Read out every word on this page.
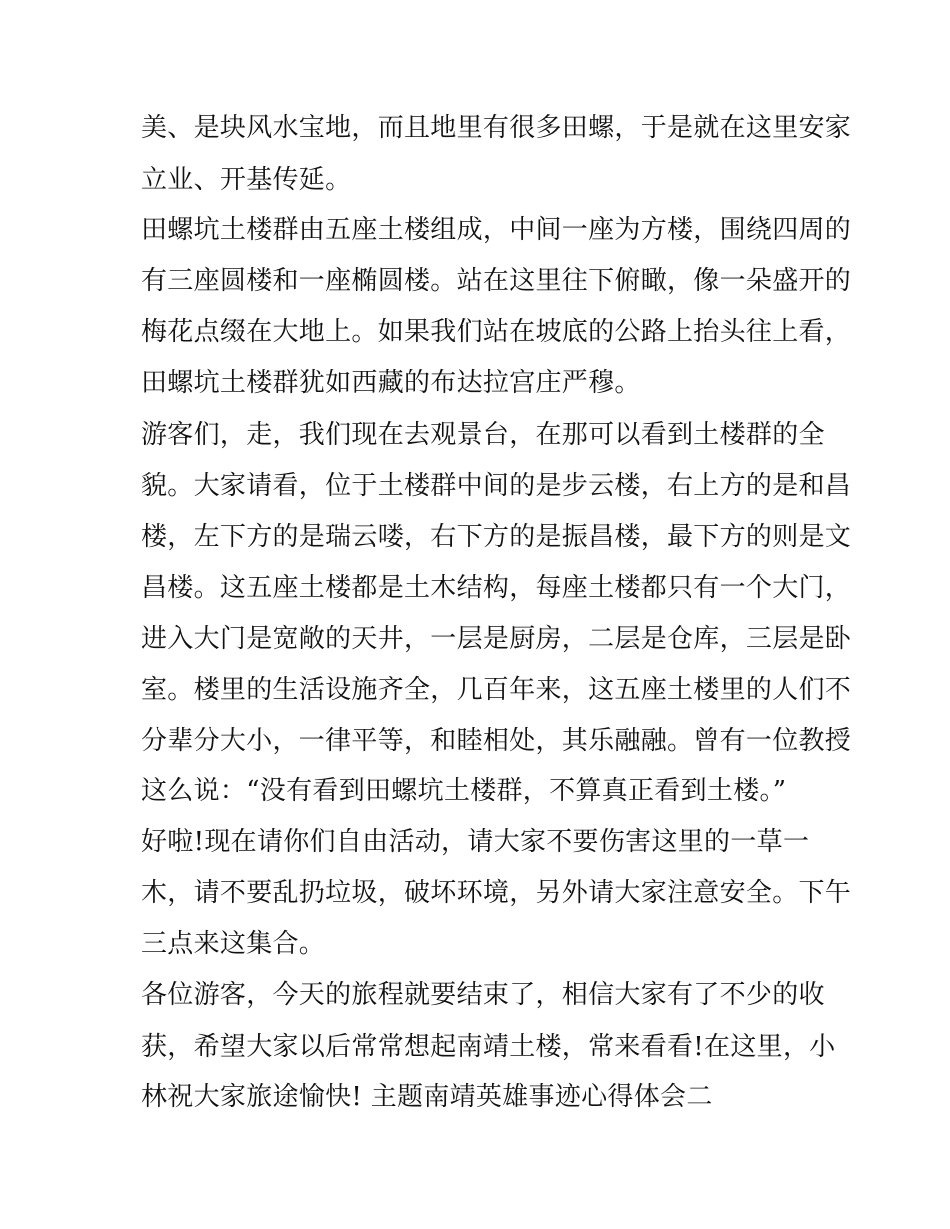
美、是块风水宝地，而且地里有很多田螺，于是就在这里安家
立业、开基传延。
田螺坑土楼群由五座土楼组成，中间一座为方楼，围绕四周的
有三座圆楼和一座椭圆楼。站在这里往下俯瞰，像一朵盛开的
梅花点缀在大地上。如果我们站在坡底的公路上抬头往上看，
田螺坑土楼群犹如西藏的布达拉宫庄严穆。
游客们，走，我们现在去观景台，在那可以看到土楼群的全
貌。大家请看，位于土楼群中间的是步云楼，右上方的是和昌
楼，左下方的是瑞云喽，右下方的是振昌楼，最下方的则是文
昌楼。这五座土楼都是土木结构，每座土楼都只有一个大门，
进入大门是宽敞的天井，一层是厨房，二层是仓库，三层是卧
室。楼里的生活设施齐全，几百年来，这五座土楼里的人们不
分辈分大小，一律平等，和睦相处，其乐融融。曾有一位教授
这么说：“没有看到田螺坑土楼群，不算真正看到土楼。”
好啦!现在请你们自由活动，请大家不要伤害这里的一草一
木，请不要乱扔垃圾，破坏环境，另外请大家注意安全。下午
三点来这集合。
各位游客，今天的旅程就要结束了，相信大家有了不少的收
获，希望大家以后常常想起南靖土楼，常来看看!在这里，小
林祝大家旅途愉快! 主题南靖英雄事迹心得体会二
